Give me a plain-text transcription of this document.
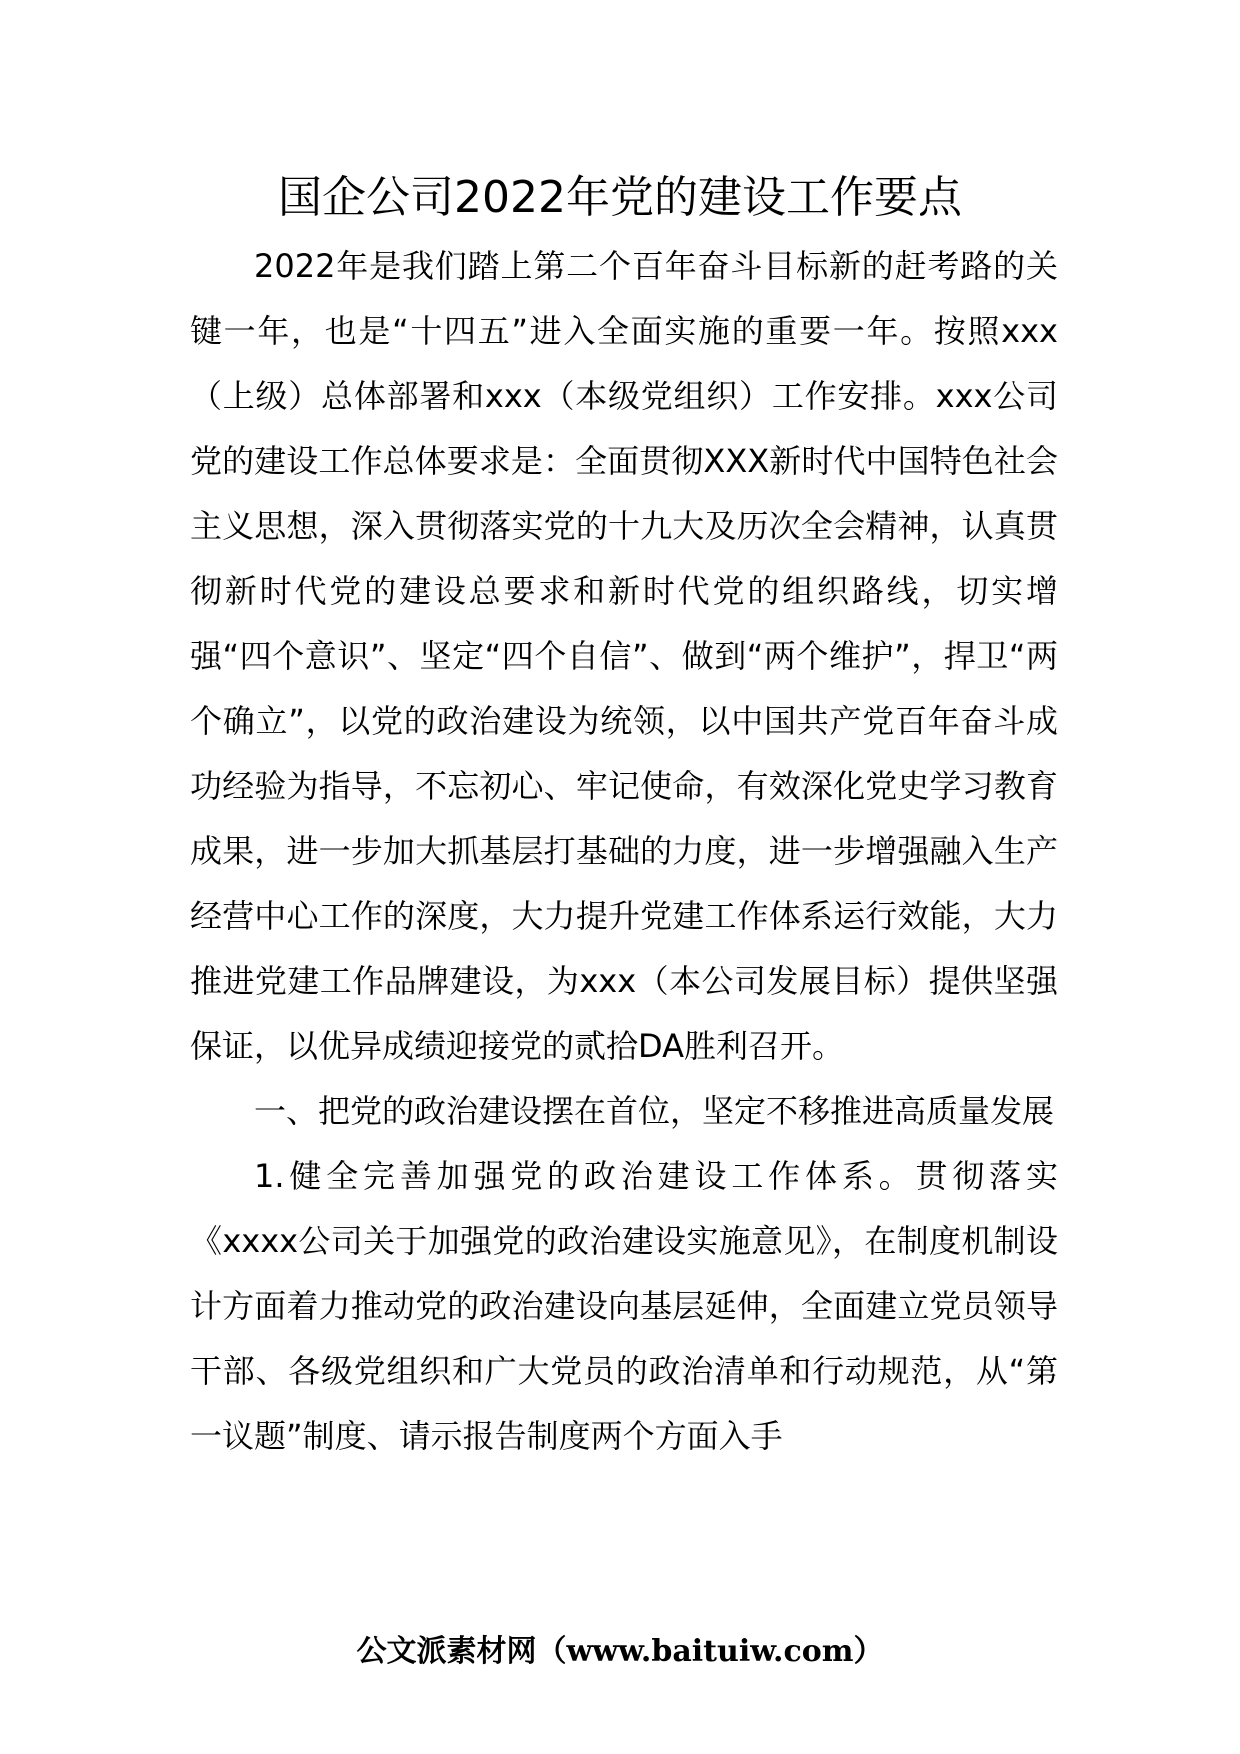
国企公司2022年党的建设工作要点

2022年是我们踏上第二个百年奋斗目标新的赶考路的关键一年，也是“十四五”进入全面实施的重要一年。按照xxx（上级）总体部署和xxx（本级党组织）工作安排。xxx公司党的建设工作总体要求是：全面贯彻XXX新时代中国特色社会主义思想，深入贯彻落实党的十九大及历次全会精神，认真贯彻新时代党的建设总要求和新时代党的组织路线，切实增强“四个意识”、坚定“四个自信”、做到“两个维护”，捍卫“两个确立”，以党的政治建设为统领，以中国共产党百年奋斗成功经验为指导，不忘初心、牢记使命，有效深化党史学习教育成果，进一步加大抓基层打基础的力度，进一步增强融入生产经营中心工作的深度，大力提升党建工作体系运行效能，大力推进党建工作品牌建设，为xxx（本公司发展目标）提供坚强保证，以优异成绩迎接党的贰拾DA胜利召开。

一、把党的政治建设摆在首位，坚定不移推进高质量发展

1.健全完善加强党的政治建设工作体系。贯彻落实《xxxx公司关于加强党的政治建设实施意见》，在制度机制设计方面着力推动党的政治建设向基层延伸，全面建立党员领导干部、各级党组织和广大党员的政治清单和行动规范，从“第一议题”制度、请示报告制度两个方面入手

公文派素材网（www.baituiw.com）
